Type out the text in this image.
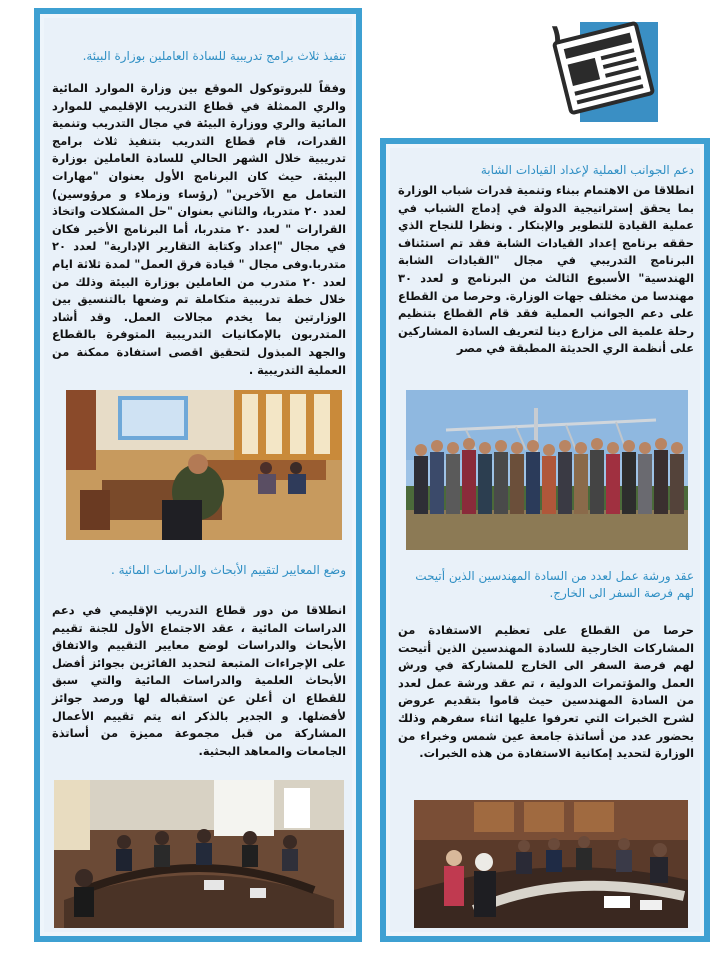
١
تنفيذ ثلاث برامج تدريبية للسادة العاملين بوزارة البيئة.
وفقاً للبروتوكول الموقع بين وزارة الموارد المائية والري الممثلة في قطاع التدريب الإقليمي للموارد المائية والري ووزارة البيئة في مجال التدريب وتنمية القدرات، قام قطاع التدريب بتنفيذ ثلاث برامج تدريبية خلال الشهر الحالي للسادة العاملين بوزارة البيئة. حيث كان البرنامج الأول بعنوان "مهارات التعامل مع الآخرين" (رؤساء وزملاء و مرؤوسين) لعدد ٢٠ متدربا، والثاني بعنوان "حل المشكلات واتخاذ القرارات " لعدد ٢٠ متدربا، أما البرنامج الأخير فكان في مجال "إعداد وكتابة التقارير الإدارية" لعدد ٢٠ متدربا.وفى مجال " قيادة فرق العمل" لمدة ثلاثة ايام لعدد ٢٠ متدرب من العاملين بوزارة البيئة وذلك من خلال خطة تدريبية متكاملة تم وضعها بالتنسيق بين الوزارتين بما يخدم مجالات العمل. وقد أشاد المتدربون بالإمكانيات التدريبية المتوفرة بالقطاع والجهد المبذول لتحقيق اقصى استفادة ممكنة من العملية التدريبية .
وضع المعايير لتقييم الأبحاث والدراسات المائية .
انطلاقا من دور قطاع التدريب الإقليمي في دعم الدراسات المائية ، عقد الاجتماع الأول للجنة تقييم الأبحاث والدراسات لوضع معايير التقييم والاتفاق على الإجراءات المتبعة لتحديد الفائزين بجوائز أفضل الأبحاث العلمية والدراسات المائية والتي سبق للقطاع ان أعلن عن استقباله لها ورصد جوائز لأفضلها. و الجدير بالذكر انه يتم تقييم الأعمال المشاركة من قبل مجموعة مميزة من أساتذة الجامعات والمعاهد البحثية.
دعم الجوانب العملية لإعداد القيادات الشابة
انطلاقا من الاهتمام ببناء وتنمية قدرات شباب الوزارة بما يحقق إستراتيجية الدولة في إدماج الشباب في عملية القيادة للتطوير والإبتكار . ونظرا للنجاح الذي حققه برنامج إعداد القيادات الشابة فقد تم استئناف البرنامج التدريبي في مجال "القيادات الشابة الهندسية" الأسبوع الثالث من البرنامج و لعدد ٣٠ مهندسا من مختلف جهات الوزارة. وحرصا من القطاع على دعم الجوانب العملية فقد قام القطاع بتنظيم رحلة علمية الى مزارع دينا لتعريف السادة المشاركين على أنظمة الري الحديثة المطبقة في مصر
عقد ورشة عمل لعدد من السادة المهندسين الذين أتيحت لهم فرصة السفر الى الخارج.
حرصا من القطاع على تعظيم الاستفادة من المشاركات الخارجية للسادة المهندسين الذين أتيحت لهم فرصة السفر الى الخارج للمشاركة في ورش العمل والمؤتمرات الدولية ، تم عقد ورشة عمل لعدد من السادة المهندسين حيث قاموا بتقديم عروض لشرح الخبرات التي تعرفوا عليها اثناء سفرهم وذلك بحضور عدد من أساتذة جامعة عين شمس وخبراء من الوزارة لتحديد إمكانية الاستفادة من هذه الخبرات.
